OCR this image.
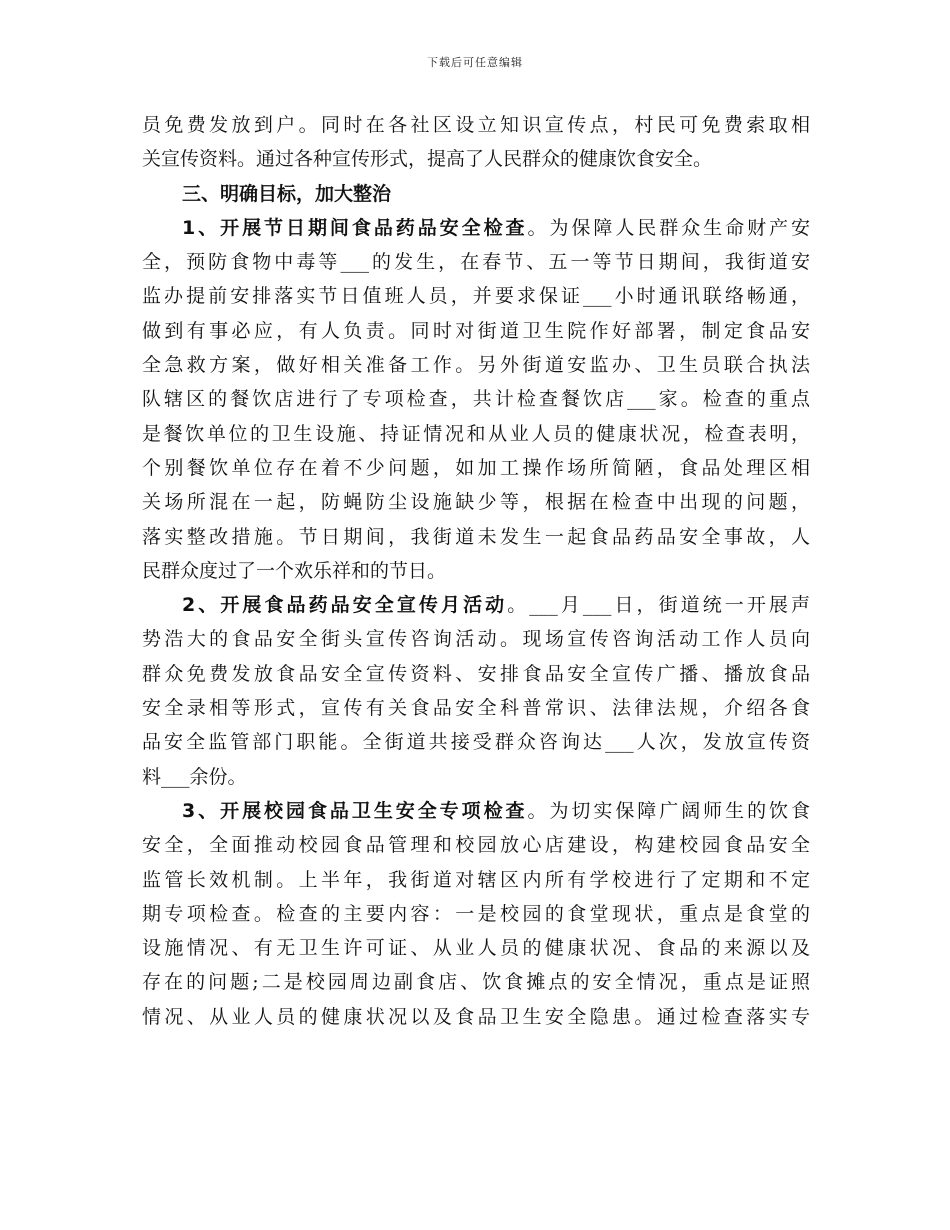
下载后可任意编辑
员免费发放到户。同时在各社区设立知识宣传点，村民可免费索取相
关宣传资料。通过各种宣传形式，提高了人民群众的健康饮食安全。
三、明确目标，加大整治
1、开展节日期间食品药品安全检查。为保障人民群众生命财产安
全，预防食物中毒等___的发生，在春节、五一等节日期间，我街道安
监办提前安排落实节日值班人员，并要求保证___小时通讯联络畅通，
做到有事必应，有人负责。同时对街道卫生院作好部署，制定食品安
全急救方案，做好相关准备工作。另外街道安监办、卫生员联合执法
队辖区的餐饮店进行了专项检查，共计检查餐饮店___家。检查的重点
是餐饮单位的卫生设施、持证情况和从业人员的健康状况，检查表明，
个别餐饮单位存在着不少问题，如加工操作场所简陋，食品处理区相
关场所混在一起，防蝇防尘设施缺少等，根据在检查中出现的问题，
落实整改措施。节日期间，我街道未发生一起食品药品安全事故，人
民群众度过了一个欢乐祥和的节日。
2、开展食品药品安全宣传月活动。___月___日，街道统一开展声
势浩大的食品安全街头宣传咨询活动。现场宣传咨询活动工作人员向
群众免费发放食品安全宣传资料、安排食品安全宣传广播、播放食品
安全录相等形式，宣传有关食品安全科普常识、法律法规，介绍各食
品安全监管部门职能。全街道共接受群众咨询达___人次，发放宣传资
料___余份。
3、开展校园食品卫生安全专项检查。为切实保障广阔师生的饮食
安全，全面推动校园食品管理和校园放心店建设，构建校园食品安全
监管长效机制。上半年，我街道对辖区内所有学校进行了定期和不定
期专项检查。检查的主要内容：一是校园的食堂现状，重点是食堂的
设施情况、有无卫生许可证、从业人员的健康状况、食品的来源以及
存在的问题;二是校园周边副食店、饮食摊点的安全情况，重点是证照
情况、从业人员的健康状况以及食品卫生安全隐患。通过检查落实专
